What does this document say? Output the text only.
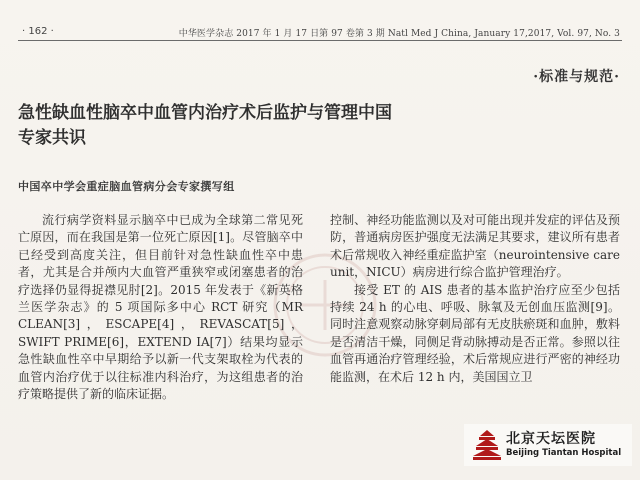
· 162 ·	中华医学杂志 2017 年 1 月 17 日第 97 卷第 3 期 Natl Med J China, January 17,2017, Vol. 97, No. 3
·标准与规范·
急性缺血性脑卒中血管内治疗术后监护与管理中国专家共识
中国卒中学会重症脑血管病分会专家撰写组
流行病学资料显示脑卒中已成为全球第二常见死亡原因，而在我国是第一位死亡原因[1]。尽管脑卒中已经受到高度关注，但目前针对急性缺血性卒中患者，尤其是合并颅内大血管严重狭窄或闭塞患者的治疗选择仍显得捉襟见肘[2]。2015 年发表于《新英格兰医学杂志》的 5 项国际多中心 RCT 研究（MR CLEAN[3]，ESCAPE[4]，REVASCAT[5]，SWIFT PRIME[6]，EXTEND IA[7]）结果均显示急性缺血性卒中早期给予以新一代支架取栓为代表的血管内治疗优于以往标准内科治疗，为这组患者的治疗策略提供了新的临床证据。

控制、神经功能监测以及对可能出现并发症的评估及预防，普通病房医护强度无法满足其要求，建议所有患者术后常规收入神经重症监护室（neurointensive care unit，NICU）病房进行综合监护管理治疗。

接受 ET 的 AIS 患者的基本监护治疗应至少包括持续 24 h 的心电、呼吸、脉氧及无创血压监测[9]。同时注意观察动脉穿刺局部有无皮肤瘀斑和血肿，敷料是否清洁干燥，同侧足背动脉搏动是否正常。参照以往血管再通治疗管理经验，术后常规应进行严密的神经功能监测，在术后 12 h 内，美国国立卫

北京天坛医院
Beijing Tiantan Hospital
